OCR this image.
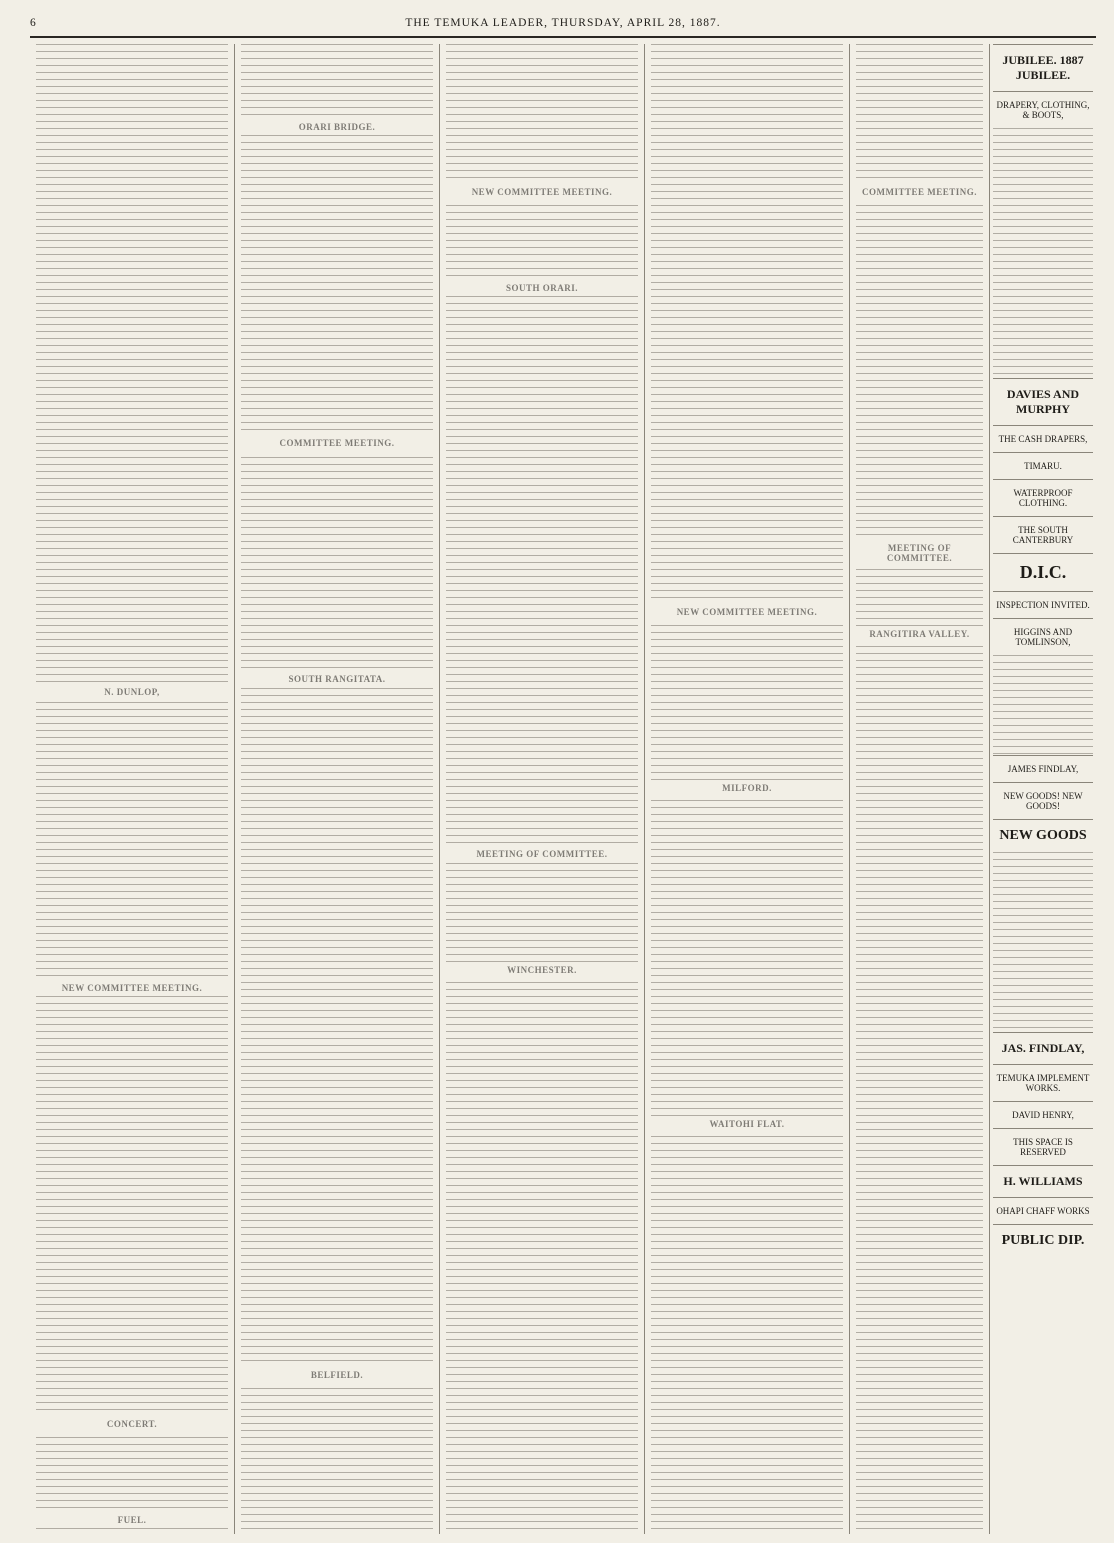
6	THE TEMUKA LEADER, THURSDAY, APRIL 28, 1887.
N. DUNLOP,
NEW COMMITTEE MEETING.
CONCERT.
FUEL.
ORARI BRIDGE.
COMMITTEE MEETING.
SOUTH RANGITATA.
BELFIELD.
NEW COMMITTEE MEETING.
SOUTH ORARI.
MEETING OF COMMITTEE.
WINCHESTER.
NEW COMMITTEE MEETING.
MILFORD.
WAITOHI FLAT.
COMMITTEE MEETING.
MEETING OF COMMITTEE.
RANGITIRA VALLEY.
JUBILEE. 1887 JUBILEE.
DRAPERY, CLOTHING, & BOOTS,
DAVIES AND MURPHY
THE CASH DRAPERS,
TIMARU.
WATERPROOF CLOTHING.
THE SOUTH CANTERBURY
D.I.C.
INSPECTION INVITED.
HIGGINS AND TOMLINSON,
JAMES FINDLAY,
NEW GOODS! NEW GOODS!
NEW GOODS
JAS. FINDLAY,
TEMUKA IMPLEMENT WORKS.
DAVID HENRY,
THIS SPACE IS RESERVED
H. WILLIAMS
OHAPI CHAFF WORKS
PUBLIC DIP.
